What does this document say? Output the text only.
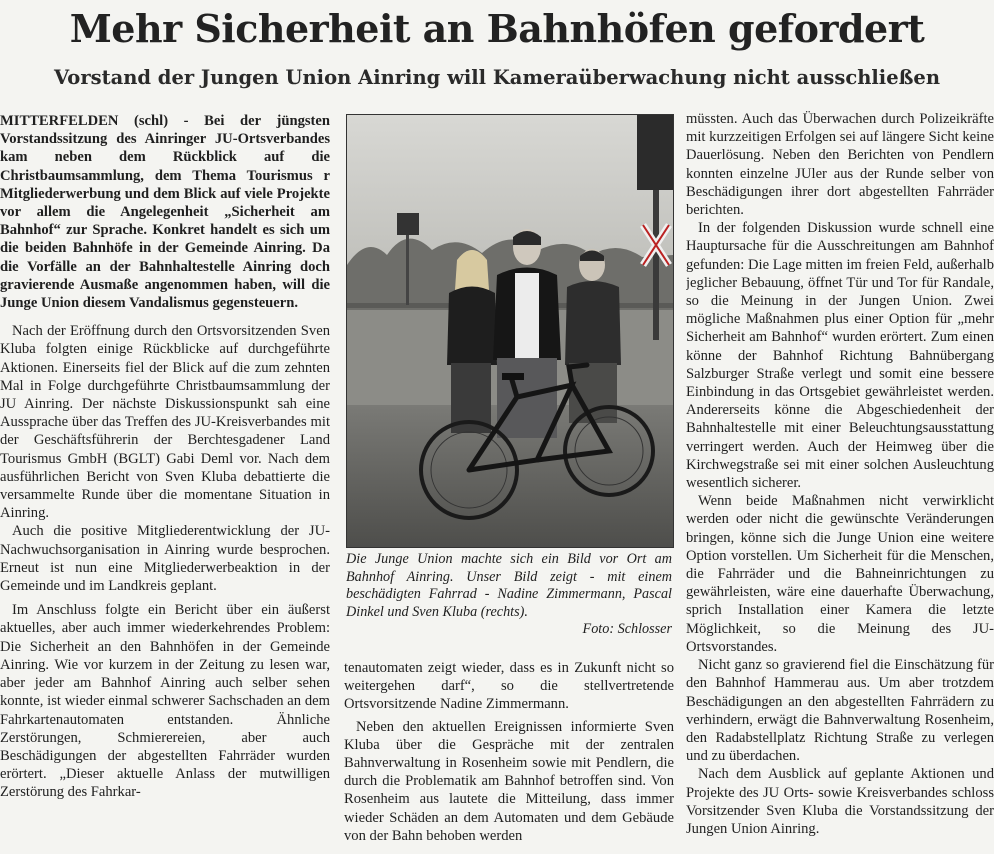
Mehr Sicherheit an Bahnhöfen gefordert
Vorstand der Jungen Union Ainring will Kameraüberwachung nicht ausschließen

MITTERFELDEN (schl) - Bei der jüngsten Vorstandssitzung des Ainringer JU-Ortsverbandes kam neben dem Rückblick auf die Christbaumsammlung, dem Thema Tourismus r Mitgliederwerbung und dem Blick auf viele Projekte vor allem die Angelegenheit „Sicherheit am Bahnhof“ zur Sprache. Konkret handelt es sich um die beiden Bahnhöfe in der Gemeinde Ainring. Da die Vorfälle an der Bahnhaltestelle Ainring doch gravierende Ausmaße angenommen haben, will die Junge Union diesem Vandalismus gegensteuern.

Nach der Eröffnung durch den Ortsvorsitzenden Sven Kluba folgten einige Rückblicke auf durchgeführte Aktionen. Einerseits fiel der Blick auf die zum zehnten Mal in Folge durchgeführte Christbaumsammlung der JU Ainring. Der nächste Diskussionspunkt sah eine Aussprache über das Treffen des JU-Kreisverbandes mit der Geschäftsführerin der Berchtesgadener Land Tourismus GmbH (BGLT) Gabi Deml vor. Nach dem ausführlichen Bericht von Sven Kluba debattierte die versammelte Runde über die momentane Situation in Ainring.

Auch die positive Mitgliederentwicklung der JU-Nachwuchsorganisation in Ainring wurde besprochen. Erneut ist nun eine Mitgliederwerbeaktion in der Gemeinde und im Landkreis geplant.

Im Anschluss folgte ein Bericht über ein äußerst aktuelles, aber auch immer wiederkehrendes Problem: Die Sicherheit an den Bahnhöfen in der Gemeinde Ainring. Wie vor kurzem in der Zeitung zu lesen war, aber jeder am Bahnhof Ainring auch selber sehen konnte, ist wieder einmal schwerer Sachschaden an dem Fahrkartenautomaten entstanden. Ähnliche Zerstörungen, Schmierereien, aber auch Beschädigungen der abgestellten Fahrräder wurden erörtert. „Dieser aktuelle Anlass der mutwilligen Zerstörung des Fahrkar-

Die Junge Union machte sich ein Bild vor Ort am Bahnhof Ainring. Unser Bild zeigt - mit einem beschädigten Fahrrad - Nadine Zimmermann, Pascal Dinkel und Sven Kluba (rechts).
Foto: Schlosser

tenautomaten zeigt wieder, dass es in Zukunft nicht so weitergehen darf“, so die stellvertretende Ortsvorsitzende Nadine Zimmermann.

Neben den aktuellen Ereignissen informierte Sven Kluba über die Gespräche mit der zentralen Bahnverwaltung in Rosenheim sowie mit Pendlern, die durch die Problematik am Bahnhof betroffen sind. Von Rosenheim aus lautete die Mitteilung, dass immer wieder Schäden an dem Automaten und dem Gebäude von der Bahn behoben werden

müssten. Auch das Überwachen durch Polizeikräfte mit kurzzeitigen Erfolgen sei auf längere Sicht keine Dauerlösung. Neben den Berichten von Pendlern konnten einzelne JUler aus der Runde selber von Beschädigungen ihrer dort abgestellten Fahrräder berichten.

In der folgenden Diskussion wurde schnell eine Hauptursache für die Ausschreitungen am Bahnhof gefunden: Die Lage mitten im freien Feld, außerhalb jeglicher Bebauung, öffnet Tür und Tor für Randale, so die Meinung in der Jungen Union. Zwei mögliche Maßnahmen plus einer Option für „mehr Sicherheit am Bahnhof“ wurden erörtert. Zum einen könne der Bahnhof Richtung Bahnübergang Salzburger Straße verlegt und somit eine bessere Einbindung in das Ortsgebiet gewährleistet werden. Andererseits könne die Abgeschiedenheit der Bahnhaltestelle mit einer Beleuchtungsausstattung verringert werden. Auch der Heimweg über die Kirchwegstraße sei mit einer solchen Ausleuchtung wesentlich sicherer.

Wenn beide Maßnahmen nicht verwirklicht werden oder nicht die gewünschte Veränderungen bringen, könne sich die Junge Union eine weitere Option vorstellen. Um Sicherheit für die Menschen, die Fahrräder und die Bahneinrichtungen zu gewährleisten, wäre eine dauerhafte Überwachung, sprich Installation einer Kamera die letzte Möglichkeit, so die Meinung des JU-Ortsvorstandes.

Nicht ganz so gravierend fiel die Einschätzung für den Bahnhof Hammerau aus. Um aber trotzdem Beschädigungen an den abgestellten Fahrrädern zu verhindern, erwägt die Bahnverwaltung Rosenheim, den Radabstellplatz Richtung Straße zu verlegen und zu überdachen.

Nach dem Ausblick auf geplante Aktionen und Projekte des JU Orts- sowie Kreisverbandes schloss Vorsitzender Sven Kluba die Vorstandssitzung der Jungen Union Ainring.
